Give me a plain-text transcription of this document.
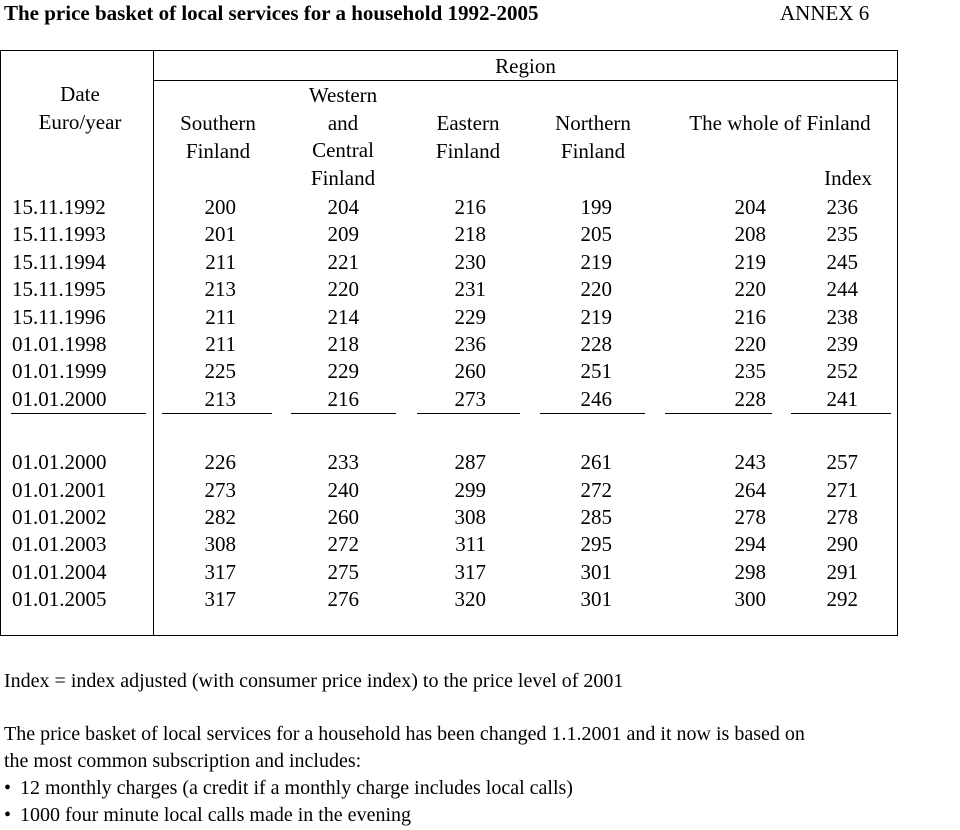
The price basket of local services for a household 1992-2005	ANNEX 6
Region
Date
Euro/year	Southern
Finland
Western
and
Central
Finland
Eastern
Finland
Northern
Finland
The whole of Finland
Index
15.11.1992
15.11.1993
15.11.1994
15.11.1995
15.11.1996
01.01.1998
01.01.1999
01.01.2000
01.01.2000
01.01.2001
01.01.2002
01.01.2003
01.01.2004
01.01.2005
200
201
211
213
211
211
225
213
226
273
282
308
317
317
204
209
221
220
214
218
229
216
233
240
260
272
275
276
216
218
230
231
229
236
260
273
287
299
308
311
317
320
199
205
219
220
219
228
251
246
261
272
285
295
301
301
204
208
219
220
216
220
235
228
243
264
278
294
298
300
236
235
245
244
238
239
252
241
257
271
278
290
291
292
Index = index adjusted (with consumer price index) to the price level of 2001
The price basket of local services for a household has been changed 1.1.2001 and it now is based on
the most common subscription and includes:
• 12 monthly charges (a credit if a monthly charge includes local calls)
• 1000 four minute local calls made in the evening
